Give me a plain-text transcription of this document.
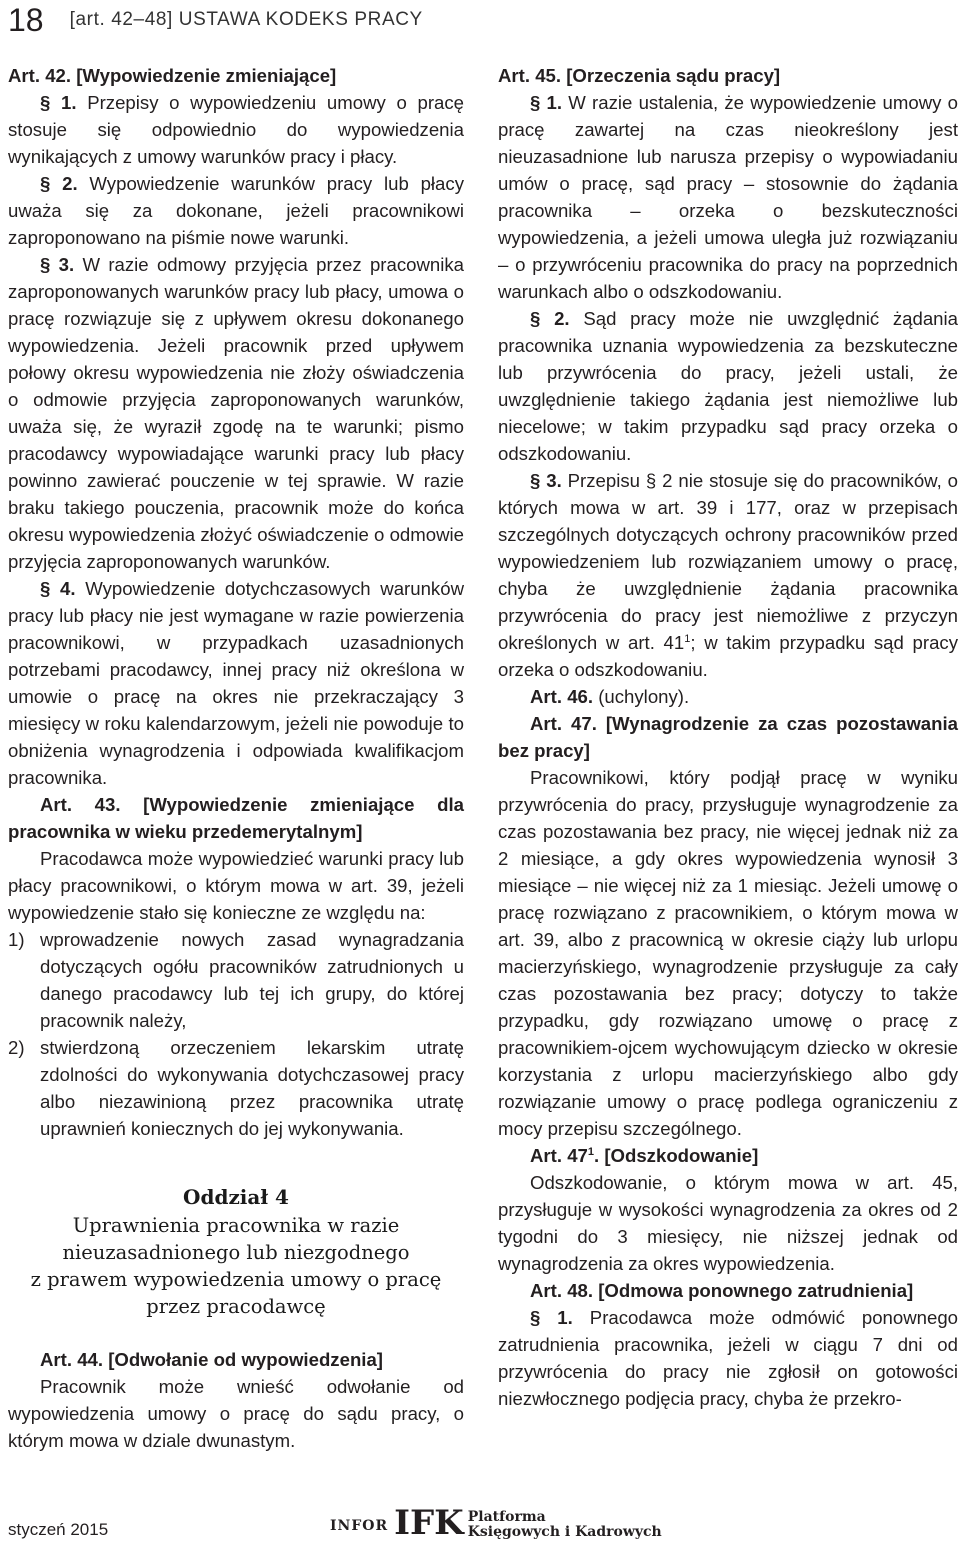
18 [art. 42–48] USTAWA KODEKS PRACY

Art. 42. [Wypowiedzenie zmieniające]

§ 1. Przepisy o wypowiedzeniu umowy o pracę stosuje się odpowiednio do wypowiedzenia wynikających z umowy warunków pracy i płacy.

§ 2. Wypowiedzenie warunków pracy lub płacy uważa się za dokonane, jeżeli pracownikowi zaproponowano na piśmie nowe warunki.

§ 3. W razie odmowy przyjęcia przez pracownika zaproponowanych warunków pracy lub płacy, umowa o pracę rozwiązuje się z upływem okresu dokonanego wypowiedzenia. Jeżeli pracownik przed upływem połowy okresu wypowiedzenia nie złoży oświadczenia o odmowie przyjęcia zaproponowanych warunków, uważa się, że wyraził zgodę na te warunki; pismo pracodawcy wypowiadające warunki pracy lub płacy powinno zawierać pouczenie w tej sprawie. W razie braku takiego pouczenia, pracownik może do końca okresu wypowiedzenia złożyć oświadczenie o odmowie przyjęcia zaproponowanych warunków.

§ 4. Wypowiedzenie dotychczasowych warunków pracy lub płacy nie jest wymagane w razie powierzenia pracownikowi, w przypadkach uzasadnionych potrzebami pracodawcy, innej pracy niż określona w umowie o pracę na okres nie przekraczający 3 miesięcy w roku kalendarzowym, jeżeli nie powoduje to obniżenia wynagrodzenia i odpowiada kwalifikacjom pracownika.

Art. 43. [Wypowiedzenie zmieniające dla pracownika w wieku przedemerytalnym]

Pracodawca może wypowiedzieć warunki pracy lub płacy pracownikowi, o którym mowa w art. 39, jeżeli wypowiedzenie stało się konieczne ze względu na:

1) wprowadzenie nowych zasad wynagradzania dotyczących ogółu pracowników zatrudnionych u danego pracodawcy lub tej ich grupy, do której pracownik należy,
2) stwierdzoną orzeczeniem lekarskim utratę zdolności do wykonywania dotychczasowej pracy albo niezawinioną przez pracownika utratę uprawnień koniecznych do jej wykonywania.
Oddział 4
Uprawnienia pracownika w razie
nieuzasadnionego lub niezgodnego
z prawem wypowiedzenia umowy o pracę
przez pracodawcę

Art. 44. [Odwołanie od wypowiedzenia]

Pracownik może wnieść odwołanie od wypowiedzenia umowy o pracę do sądu pracy, o którym mowa w dziale dwunastym.

Art. 45. [Orzeczenia sądu pracy]

§ 1. W razie ustalenia, że wypowiedzenie umowy o pracę zawartej na czas nieokreślony jest nieuzasadnione lub narusza przepisy o wypowiadaniu umów o pracę, sąd pracy – stosownie do żądania pracownika – orzeka o bezskuteczności wypowiedzenia, a jeżeli umowa uległa już rozwiązaniu – o przywróceniu pracownika do pracy na poprzednich warunkach albo o odszkodowaniu.

§ 2. Sąd pracy może nie uwzględnić żądania pracownika uznania wypowiedzenia za bezskuteczne lub przywrócenia do pracy, jeżeli ustali, że uwzględnienie takiego żądania jest niemożliwe lub niecelowe; w takim przypadku sąd pracy orzeka o odszkodowaniu.

§ 3. Przepisu § 2 nie stosuje się do pracowników, o których mowa w art. 39 i 177, oraz w przepisach szczególnych dotyczących ochrony pracowników przed wypowiedzeniem lub rozwiązaniem umowy o pracę, chyba że uwzględnienie żądania pracownika przywrócenia do pracy jest niemożliwe z przyczyn określonych w art. $41^1$; w takim przypadku sąd pracy orzeka o odszkodowaniu.

Art. 46. (uchylony).

Art. 47. [Wynagrodzenie za czas pozostawania bez pracy]

Pracownikowi, który podjął pracę w wyniku przywrócenia do pracy, przysługuje wynagrodzenie za czas pozostawania bez pracy, nie więcej jednak niż za 2 miesiące, a gdy okres wypowiedzenia wynosił 3 miesiące – nie więcej niż za 1 miesiąc. Jeżeli umowę o pracę rozwiązano z pracownikiem, o którym mowa w art. 39, albo z pracownicą w okresie ciąży lub urlopu macierzyńskiego, wynagrodzenie przysługuje za cały czas pozostawania bez pracy; dotyczy to także przypadku, gdy rozwiązano umowę o pracę z pracownikiem-ojcem wychowującym dziecko w okresie korzystania z urlopu macierzyńskiego albo gdy rozwiązanie umowy o pracę podlega ograniczeniu z mocy przepisu szczególnego.

Art. $47^1$. [Odszkodowanie]

Odszkodowanie, o którym mowa w art. 45, przysługuje w wysokości wynagrodzenia za okres od 2 tygodni do 3 miesięcy, nie niższej jednak od wynagrodzenia za okres wypowiedzenia.

Art. 48. [Odmowa ponownego zatrudnienia]

§ 1. Pracodawca może odmówić ponownego zatrudnienia pracownika, jeżeli w ciągu 7 dni od przywrócenia do pracy nie zgłosił on gotowości niezwłocznego podjęcia pracy, chyba że przekro-

styczeń 2015	INFOR IFK Platforma
Księgowych i Kadrowych
